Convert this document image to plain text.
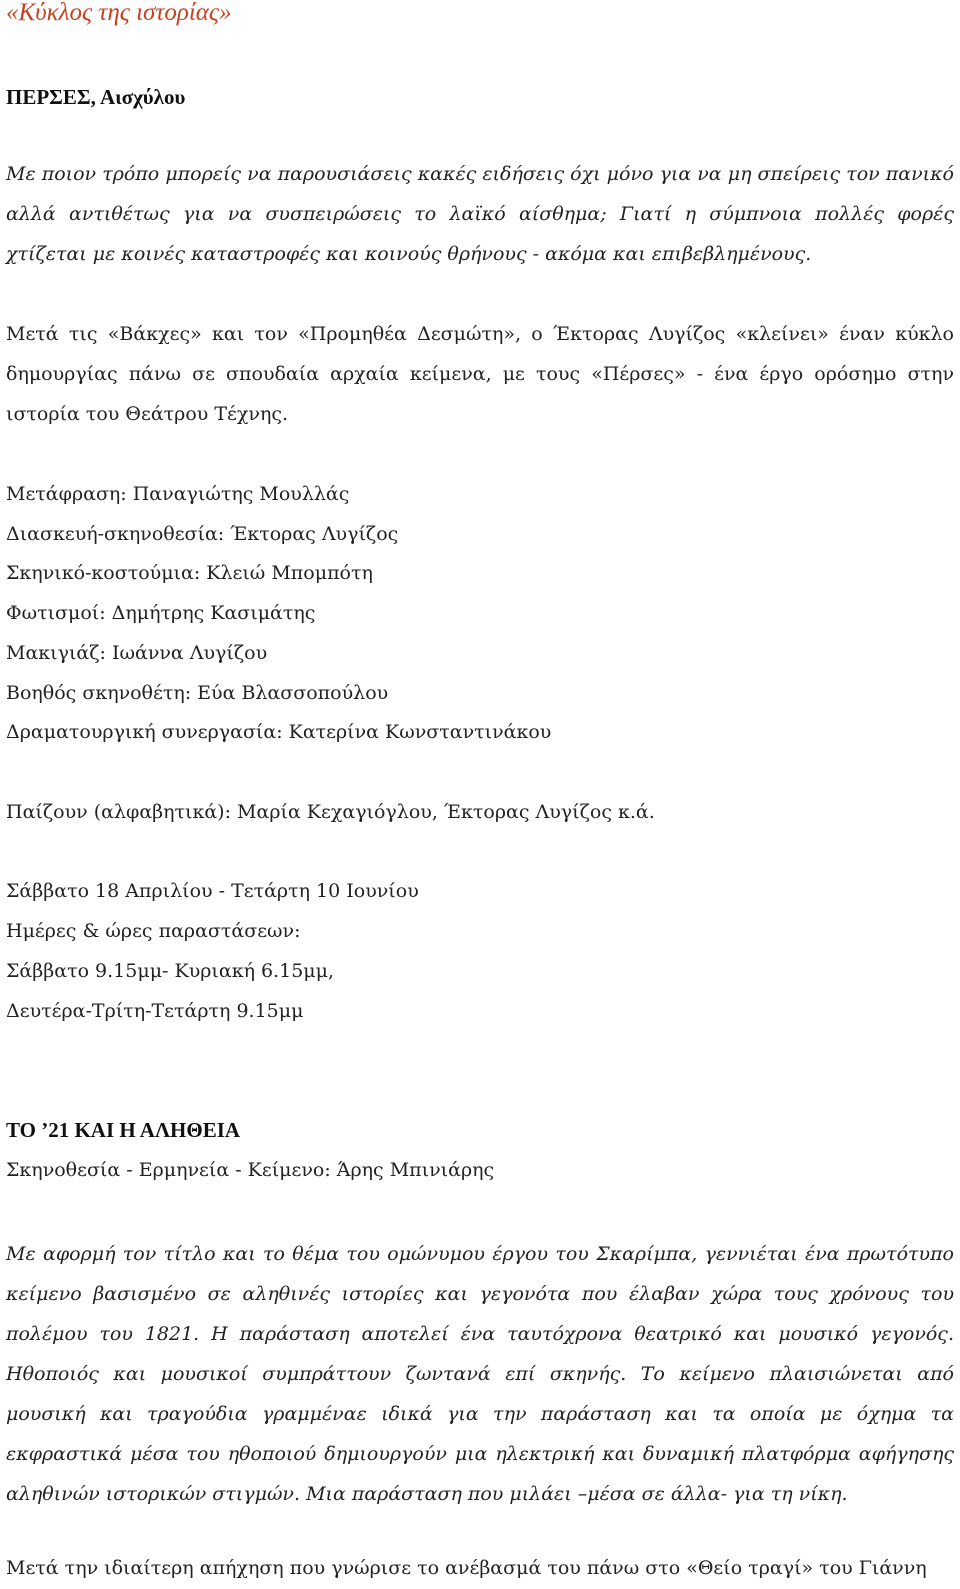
«Κύκλος της ιστορίας»
ΠΕΡΣΕΣ, Αισχύλου
Με ποιον τρόπο μπορείς να παρουσιάσεις κακές ειδήσεις όχι μόνο για να μη σπείρεις τον πανικό αλλά αντιθέτως για να συσπειρώσεις το λαϊκό αίσθημα; Γιατί η σύμπνοια πολλές φορές χτίζεται με κοινές καταστροφές και κοινούς θρήνους - ακόμα και επιβεβλημένους.
Μετά τις «Βάκχες» και τον «Προμηθέα Δεσμώτη», ο Έκτορας Λυγίζος «κλείνει» έναν κύκλο δημουργίας πάνω σε σπουδαία αρχαία κείμενα, με τους «Πέρσες» - ένα έργο ορόσημο στην ιστορία του Θεάτρου Τέχνης.
Μετάφραση: Παναγιώτης Μουλλάς
Διασκευή-σκηνοθεσία: Έκτορας Λυγίζος
Σκηνικό-κοστούμια: Κλειώ Μπομπότη
Φωτισμοί: Δημήτρης Κασιμάτης
Μακιγιάζ: Ιωάννα Λυγίζου
Βοηθός σκηνοθέτη: Εύα Βλασσοπούλου
Δραματουργική συνεργασία: Κατερίνα Κωνσταντινάκου
Παίζουν (αλφαβητικά): Μαρία Κεχαγιόγλου, Έκτορας Λυγίζος κ.ά.
Σάββατο 18 Απριλίου - Τετάρτη 10 Ιουνίου
Ημέρες & ώρες παραστάσεων:
Σάββατο 9.15μμ- Κυριακή 6.15μμ,
Δευτέρα-Τρίτη-Τετάρτη 9.15μμ
ΤΟ ’21 ΚΑΙ Η ΑΛΗΘΕΙΑ
Σκηνοθεσία - Ερμηνεία - Κείμενο: Άρης Μπινιάρης
Με αφορμή τον τίτλο και το θέμα του ομώνυμου έργου του Σκαρίμπα, γεννιέται ένα πρωτότυπο κείμενο βασισμένο σε αληθινές ιστορίες και γεγονότα που έλαβαν χώρα τους χρόνους του πολέμου του 1821. Η παράσταση αποτελεί ένα ταυτόχρονα θεατρικό και μουσικό γεγονός. Ηθοποιός και μουσικοί συμπράττουν ζωντανά επί σκηνής. Το κείμενο πλαισιώνεται από μουσική και τραγούδια γραμμέναε ιδικά για την παράσταση και τα οποία με όχημα τα εκφραστικά μέσα του ηθοποιού δημιουργούν μια ηλεκτρική και δυναμική πλατφόρμα αφήγησης αληθινών ιστορικών στιγμών. Μια παράσταση που μιλάει –μέσα σε άλλα- για τη νίκη.
Μετά την ιδιαίτερη απήχηση που γνώρισε το ανέβασμά του πάνω στο «Θείο τραγί» του Γιάννη
